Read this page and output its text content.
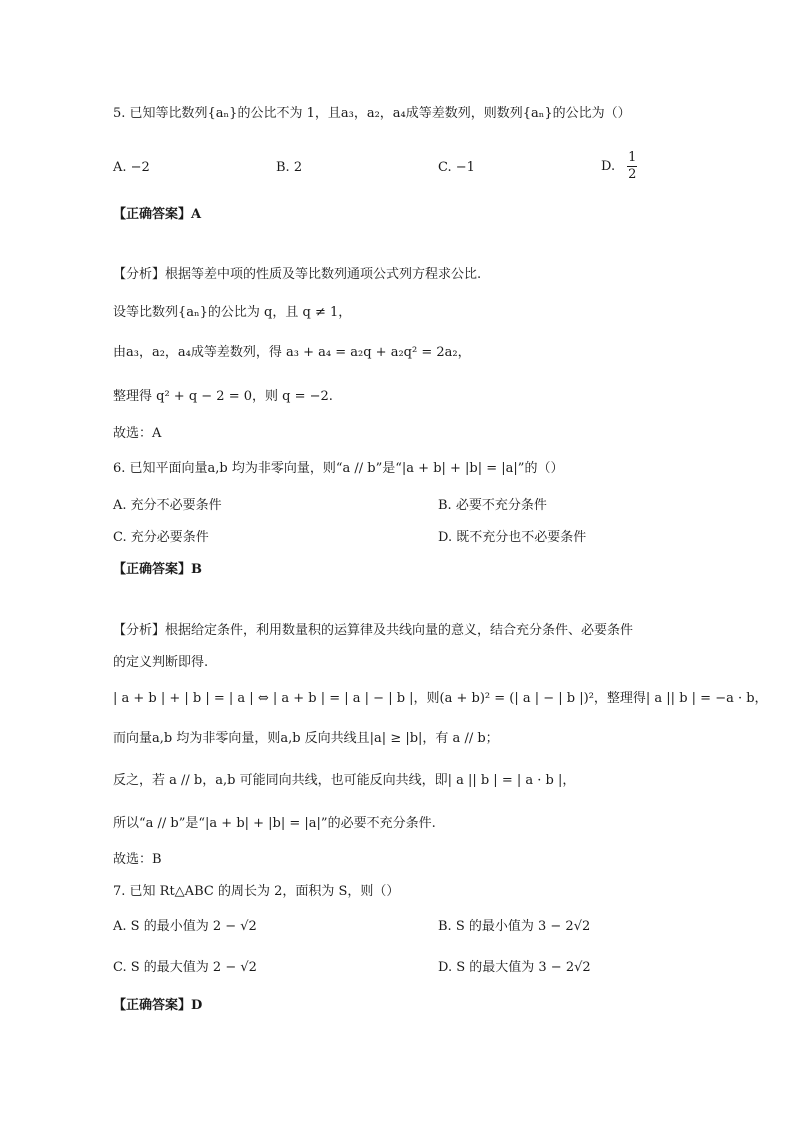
5. 已知等比数列{aₙ}的公比不为 1，且a₃，a₂，a₄成等差数列，则数列{aₙ}的公比为（）
A. −2	B. 2	C. −1	D. $\frac{1}{2}$
【正确答案】A
【分析】根据等差中项的性质及等比数列通项公式列方程求公比.
设等比数列{aₙ}的公比为 q，且 q ≠ 1，
由a₃，a₂，a₄成等差数列，得 a₃ + a₄ = a₂q + a₂q² = 2a₂，
整理得 q² + q − 2 = 0，则 q = −2.
故选：A
6. 已知平面向量a,b 均为非零向量，则“a // b”是“|a + b| + |b| = |a|”的（）
A. 充分不必要条件	B. 必要不充分条件
C. 充分必要条件	D. 既不充分也不必要条件
【正确答案】B
【分析】根据给定条件，利用数量积的运算律及共线向量的意义，结合充分条件、必要条件
的定义判断即得.
| a + b | + | b | = | a | ⇔ | a + b | = | a | − | b |，则(a + b)² = (| a | − | b |)²，整理得| a || b | = −a · b，
而向量a,b 均为非零向量，则a,b 反向共线且|a| ≥ |b|，有 a // b；
反之，若 a // b，a,b 可能同向共线，也可能反向共线，即| a || b | = | a · b |，
所以“a // b”是“|a + b| + |b| = |a|”的必要不充分条件.
故选：B
7. 已知 Rt△ABC 的周长为 2，面积为 S，则（）
A. S 的最小值为 2 − √2	B. S 的最小值为 3 − 2√2
C. S 的最大值为 2 − √2	D. S 的最大值为 3 − 2√2
【正确答案】D
